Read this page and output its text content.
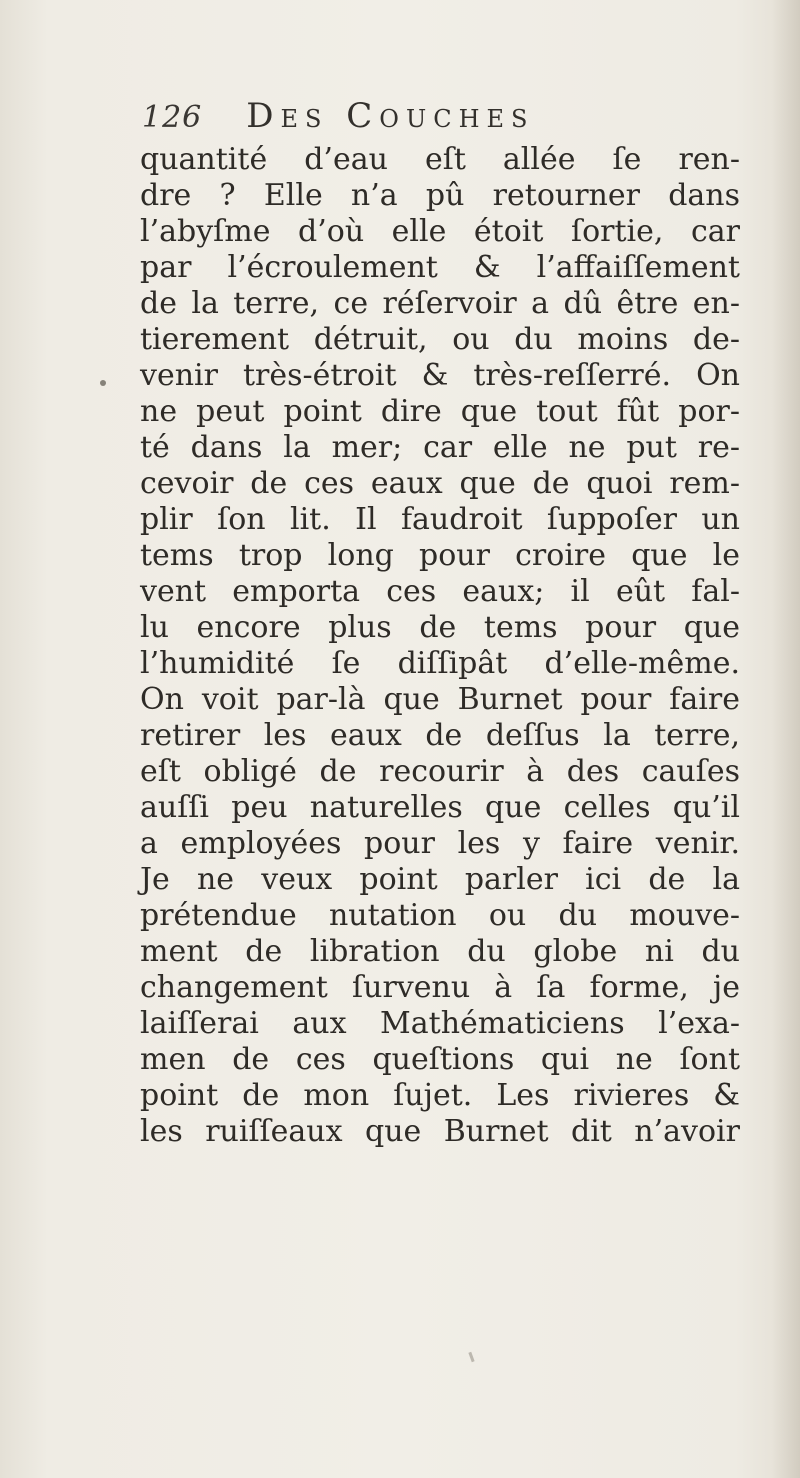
126 Des Couches
quantité d’eau eſt allée ſe ren-
dre ? Elle n’a pû retourner dans
l’abyſme d’où elle étoit ſortie, car
par l’écroulement & l’affaiſſement
de la terre, ce réſervoir a dû être en-
tierement détruit, ou du moins de-
venir très-étroit & très-reſſerré. On
ne peut point dire que tout fût por-
té dans la mer; car elle ne put re-
cevoir de ces eaux que de quoi rem-
plir ſon lit. Il faudroit ſuppoſer un
tems trop long pour croire que le
vent emporta ces eaux; il eût fal-
lu encore plus de tems pour que
l’humidité ſe diſſipât d’elle-même.
On voit par-là que Burnet pour faire
retirer les eaux de deſſus la terre,
eſt obligé de recourir à des cauſes
auſſi peu naturelles que celles qu’il
a employées pour les y faire venir.
Je ne veux point parler ici de la
prétendue nutation ou du mouve-
ment de libration du globe ni du
changement ſurvenu à ſa forme, je
laiſſerai aux Mathématiciens l’exa-
men de ces queſtions qui ne ſont
point de mon ſujet. Les rivieres &
les ruiſſeaux que Burnet dit n’avoir
